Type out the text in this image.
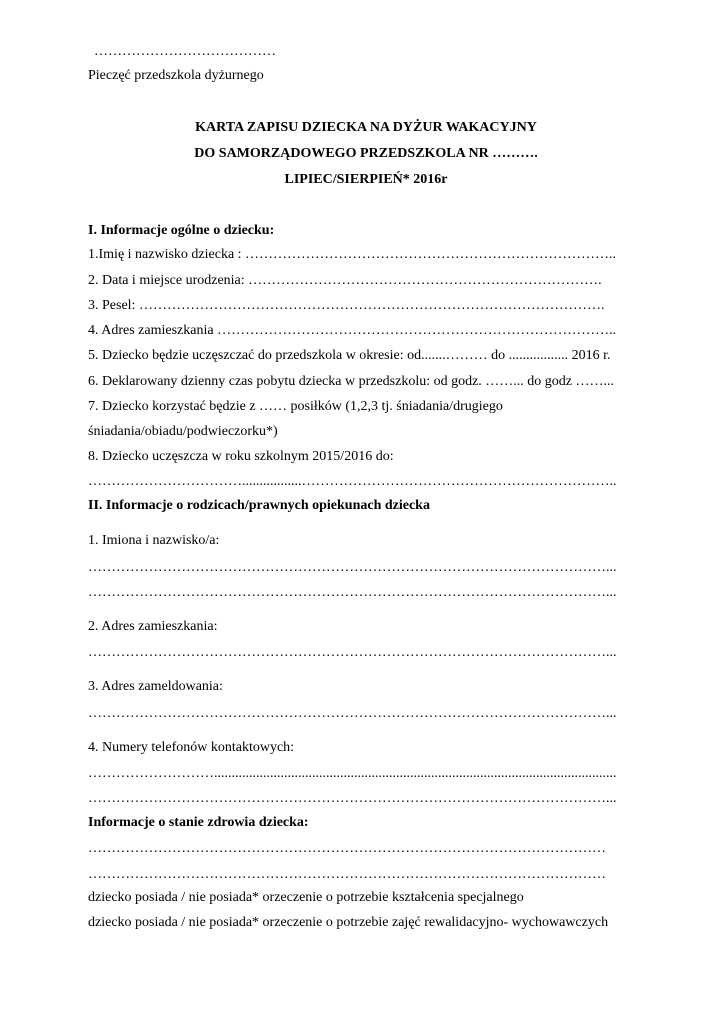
…………………………………
Pieczęć przedszkola dyżurnego
KARTA ZAPISU DZIECKA NA DYŻUR WAKACYJNY
DO SAMORZĄDOWEGO PRZEDSZKOLA NR ……….
LIPIEC/SIERPIEŃ* 2016r
I. Informacje ogólne o dziecku:
1.Imię i nazwisko dziecka : ……………………………………………………………………..
2. Data i miejsce urodzenia: ………………………………………………………………….
3. Pesel: ……………………………………………………………………………………….
4. Adres zamieszkania …………………………………………………………………………..
5. Dziecko będzie uczęszczać do przedszkola w okresie: od.......……… do ................. 2016 r.
6. Deklarowany dzienny czas pobytu dziecka w przedszkolu: od godz. ……... do godz ……...
7. Dziecko korzystać będzie z …… posiłków (1,2,3 tj. śniadania/drugiego
śniadania/obiadu/podwieczorku*)
8. Dziecko uczęszcza w roku szkolnym 2015/2016 do:
…………………………….................…………………………………………………………..
II. Informacje o rodzicach/prawnych opiekunach dziecka
1. Imiona i nazwisko/a:
…………………………………………………………………………………………………...
…………………………………………………………………………………………………...
2. Adres zamieszkania:
…………………………………………………………………………………………………...
3. Adres zameldowania:
…………………………………………………………………………………………………...
4. Numery telefonów kontaktowych:
………………………...................................................................................................................
…………………………………………………………………………………………………...
Informacje o stanie zdrowia dziecka:
…………………………………………………………………………………………………
…………………………………………………………………………………………………
dziecko posiada / nie posiada* orzeczenie o potrzebie kształcenia specjalnego
dziecko posiada / nie posiada* orzeczenie o potrzebie zajęć rewalidacyjno- wychowawczych
